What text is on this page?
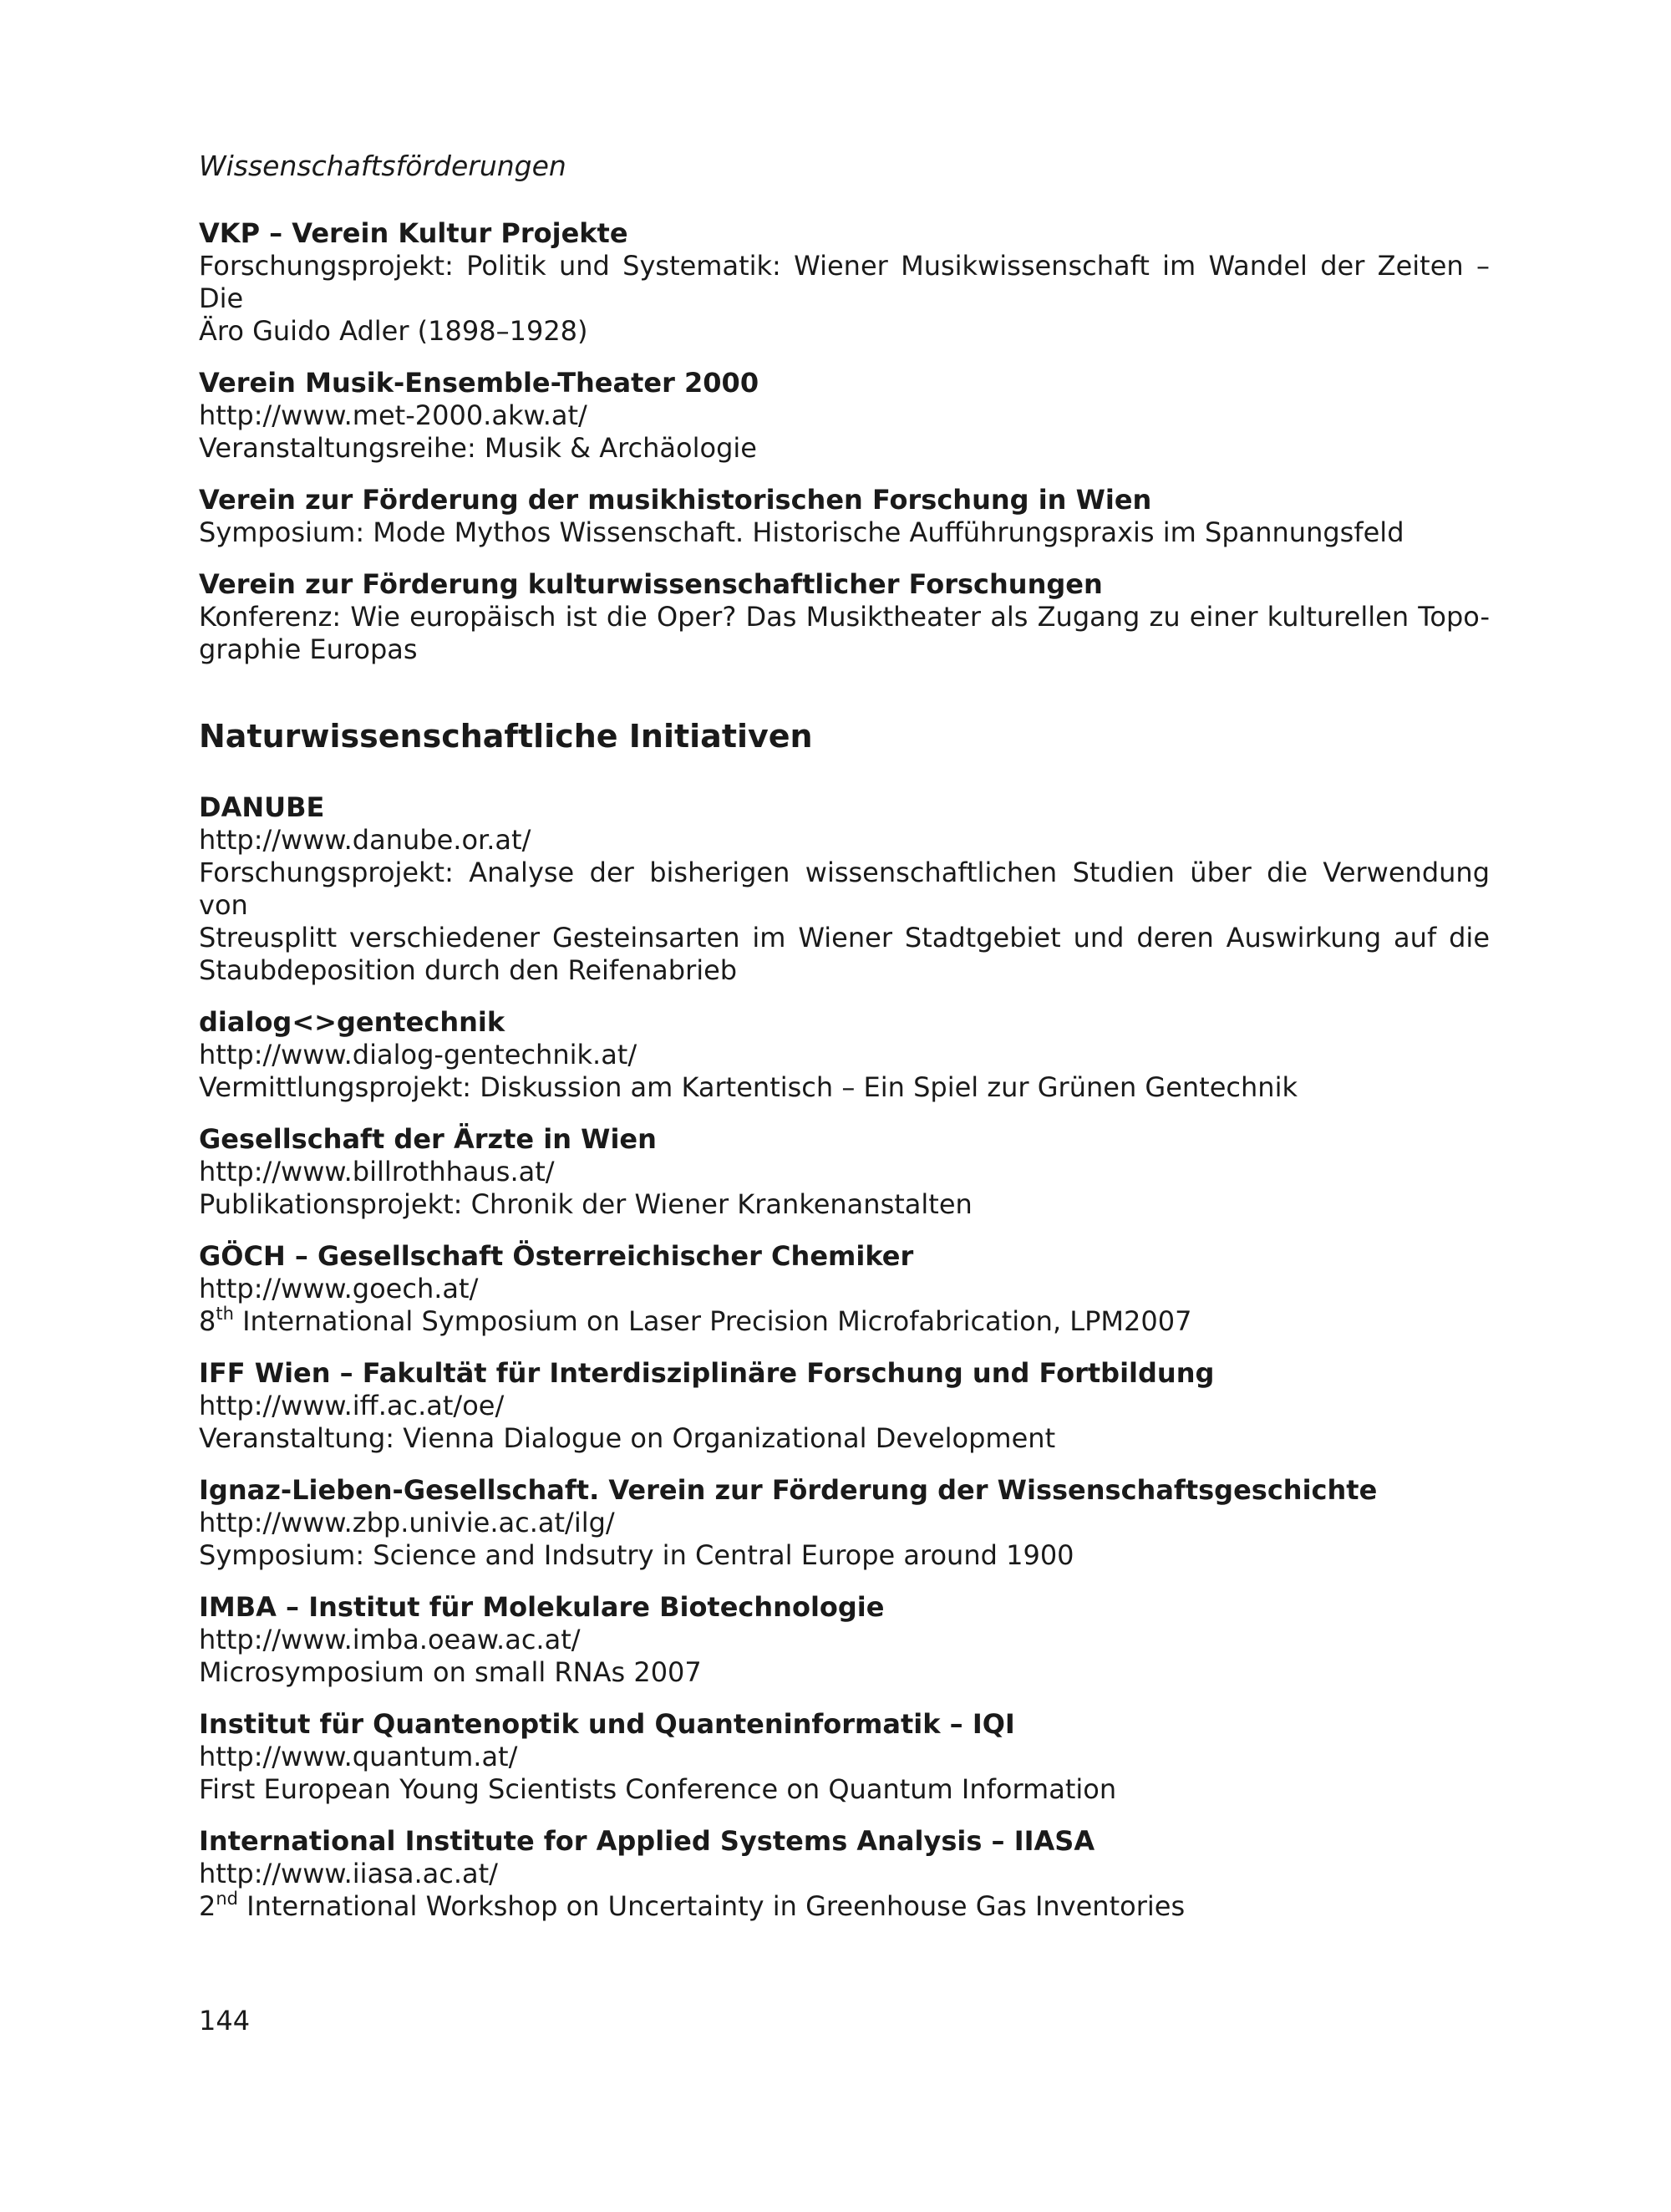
Wissenschaftsförderungen

VKP – Verein Kultur Projekte

Forschungsprojekt: Politik und Systematik: Wiener Musikwissenschaft im Wandel der Zeiten – Die

Äro Guido Adler (1898–1928)

Verein Musik-Ensemble-Theater 2000

http://www.met-2000.akw.at/

Veranstaltungsreihe: Musik & Archäologie

Verein zur Förderung der musikhistorischen Forschung in Wien

Symposium: Mode Mythos Wissenschaft. Historische Aufführungspraxis im Spannungsfeld

Verein zur Förderung kulturwissenschaftlicher Forschungen

Konferenz: Wie europäisch ist die Oper? Das Musiktheater als Zugang zu einer kulturellen Topo-

graphie Europas

Naturwissenschaftliche Initiativen

DANUBE

http://www.danube.or.at/

Forschungsprojekt: Analyse der bisherigen wissenschaftlichen Studien über die Verwendung von

Streusplitt verschiedener Gesteinsarten im Wiener Stadtgebiet und deren Auswirkung auf die

Staubdeposition durch den Reifenabrieb

dialog<>gentechnik

http://www.dialog-gentechnik.at/

Vermittlungsprojekt: Diskussion am Kartentisch – Ein Spiel zur Grünen Gentechnik

Gesellschaft der Ärzte in Wien

http://www.billrothhaus.at/

Publikationsprojekt: Chronik der Wiener Krankenanstalten

GÖCH – Gesellschaft Österreichischer Chemiker

http://www.goech.at/

8th International Symposium on Laser Precision Microfabrication, LPM2007

IFF Wien – Fakultät für Interdisziplinäre Forschung und Fortbildung

http://www.iff.ac.at/oe/

Veranstaltung: Vienna Dialogue on Organizational Development

Ignaz-Lieben-Gesellschaft. Verein zur Förderung der Wissenschaftsgeschichte

http://www.zbp.univie.ac.at/ilg/

Symposium: Science and Indsutry in Central Europe around 1900

IMBA – Institut für Molekulare Biotechnologie

http://www.imba.oeaw.ac.at/

Microsymposium on small RNAs 2007

Institut für Quantenoptik und Quanteninformatik – IQI

http://www.quantum.at/

First European Young Scientists Conference on Quantum Information

International Institute for Applied Systems Analysis – IIASA

http://www.iiasa.ac.at/

2nd International Workshop on Uncertainty in Greenhouse Gas Inventories

144
